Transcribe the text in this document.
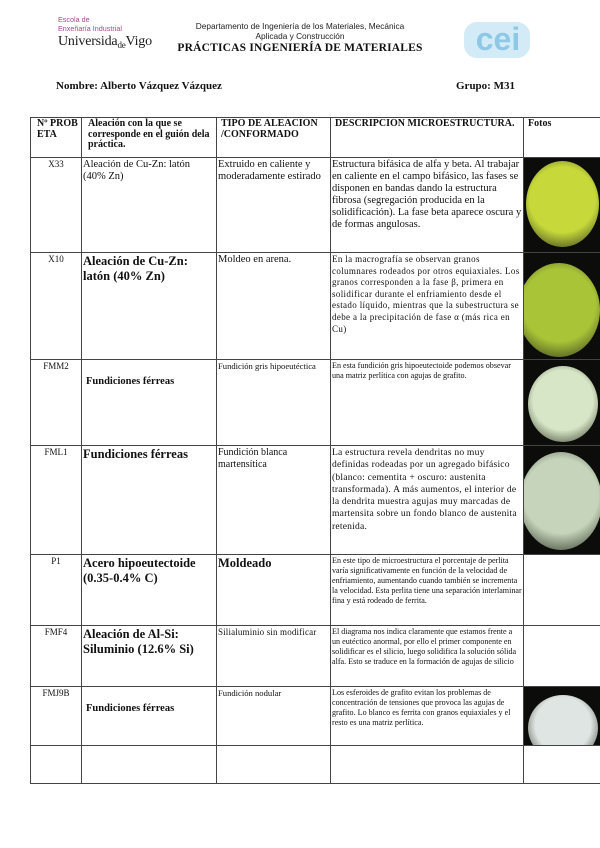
Escola de
Enxeñaría Industrial
Universida$_{de}$Vigo
Departamento de Ingeniería de los Materiales, Mecánica
Aplicada y Construcción
PRÁCTICAS INGENIERÍA DE MATERIALES	cei
Nombre: Alberto Vázquez Vázquez	Grupo: M31
Nº PROB ETA	Aleación con la que se corresponde en el guión dela práctica.	TIPO DE ALEACIÓN /CONFORMADO	DESCRIPCIÓN MICROESTRUCTURA.	Fotos
X33	Aleación de Cu-Zn: latón (40% Zn)	Extruido en caliente y moderadamente estirado	Estructura bifásica de alfa y beta. Al trabajar en caliente en el campo bifásico, las fases se disponen en bandas dando la estructura fibrosa (segregación producida en la solidificación). La fase beta aparece oscura y de formas angulosas.	

X10	Aleación de Cu-Zn: latón (40% Zn)	Moldeo en arena.	En la macrografía se observan granos columnares rodeados por otros equiaxiales. Los granos corresponden a la fase β, primera en solidificar durante el enfriamiento desde el estado líquido, mientras que la subestructura se debe a la precipitación de fase α (más rica en Cu)	

FMM2	Fundiciones férreas	Fundición gris hipoeutéctica	En esta fundición gris hipoeutectoide podemos obsevar una matriz perlítica con agujas de grafito.	

FML1	Fundiciones férreas	Fundición blanca martensítica	La estructura revela dendritas no muy definidas rodeadas por un agregado bifásico (blanco: cementita + oscuro: austenita transformada). A más aumentos, el interior de la dendrita muestra agujas muy marcadas de martensita sobre un fondo blanco de austenita retenida.	

P1	Acero hipoeutectoide (0.35-0.4% C)	Moldeado	En este tipo de microestructura el porcentaje de perlita varía significativamente en función de la velocidad de enfriamiento, aumentando cuando también se incrementa la velocidad. Esta perlita tiene una separación interlaminar fina y está rodeado de ferrita.	
FMF4	Aleación de Al-Si: Siluminio (12.6% Si)	Silialuminio sin modificar	El diagrama nos indica claramente que estamos frente a un eutéctico anormal, por ello el primer componente en solidificar es el silicio, luego solidifica la solución sólida alfa. Esto se traduce en la formación de agujas de silicio	
FMJ9B	Fundiciones férreas	Fundición nodular	Los esferoides de grafito evitan los problemas de concentración de tensiones que provoca las agujas de grafito. Lo blanco es ferrita con granos equiaxiales y el resto es una matriz perlítica.	
